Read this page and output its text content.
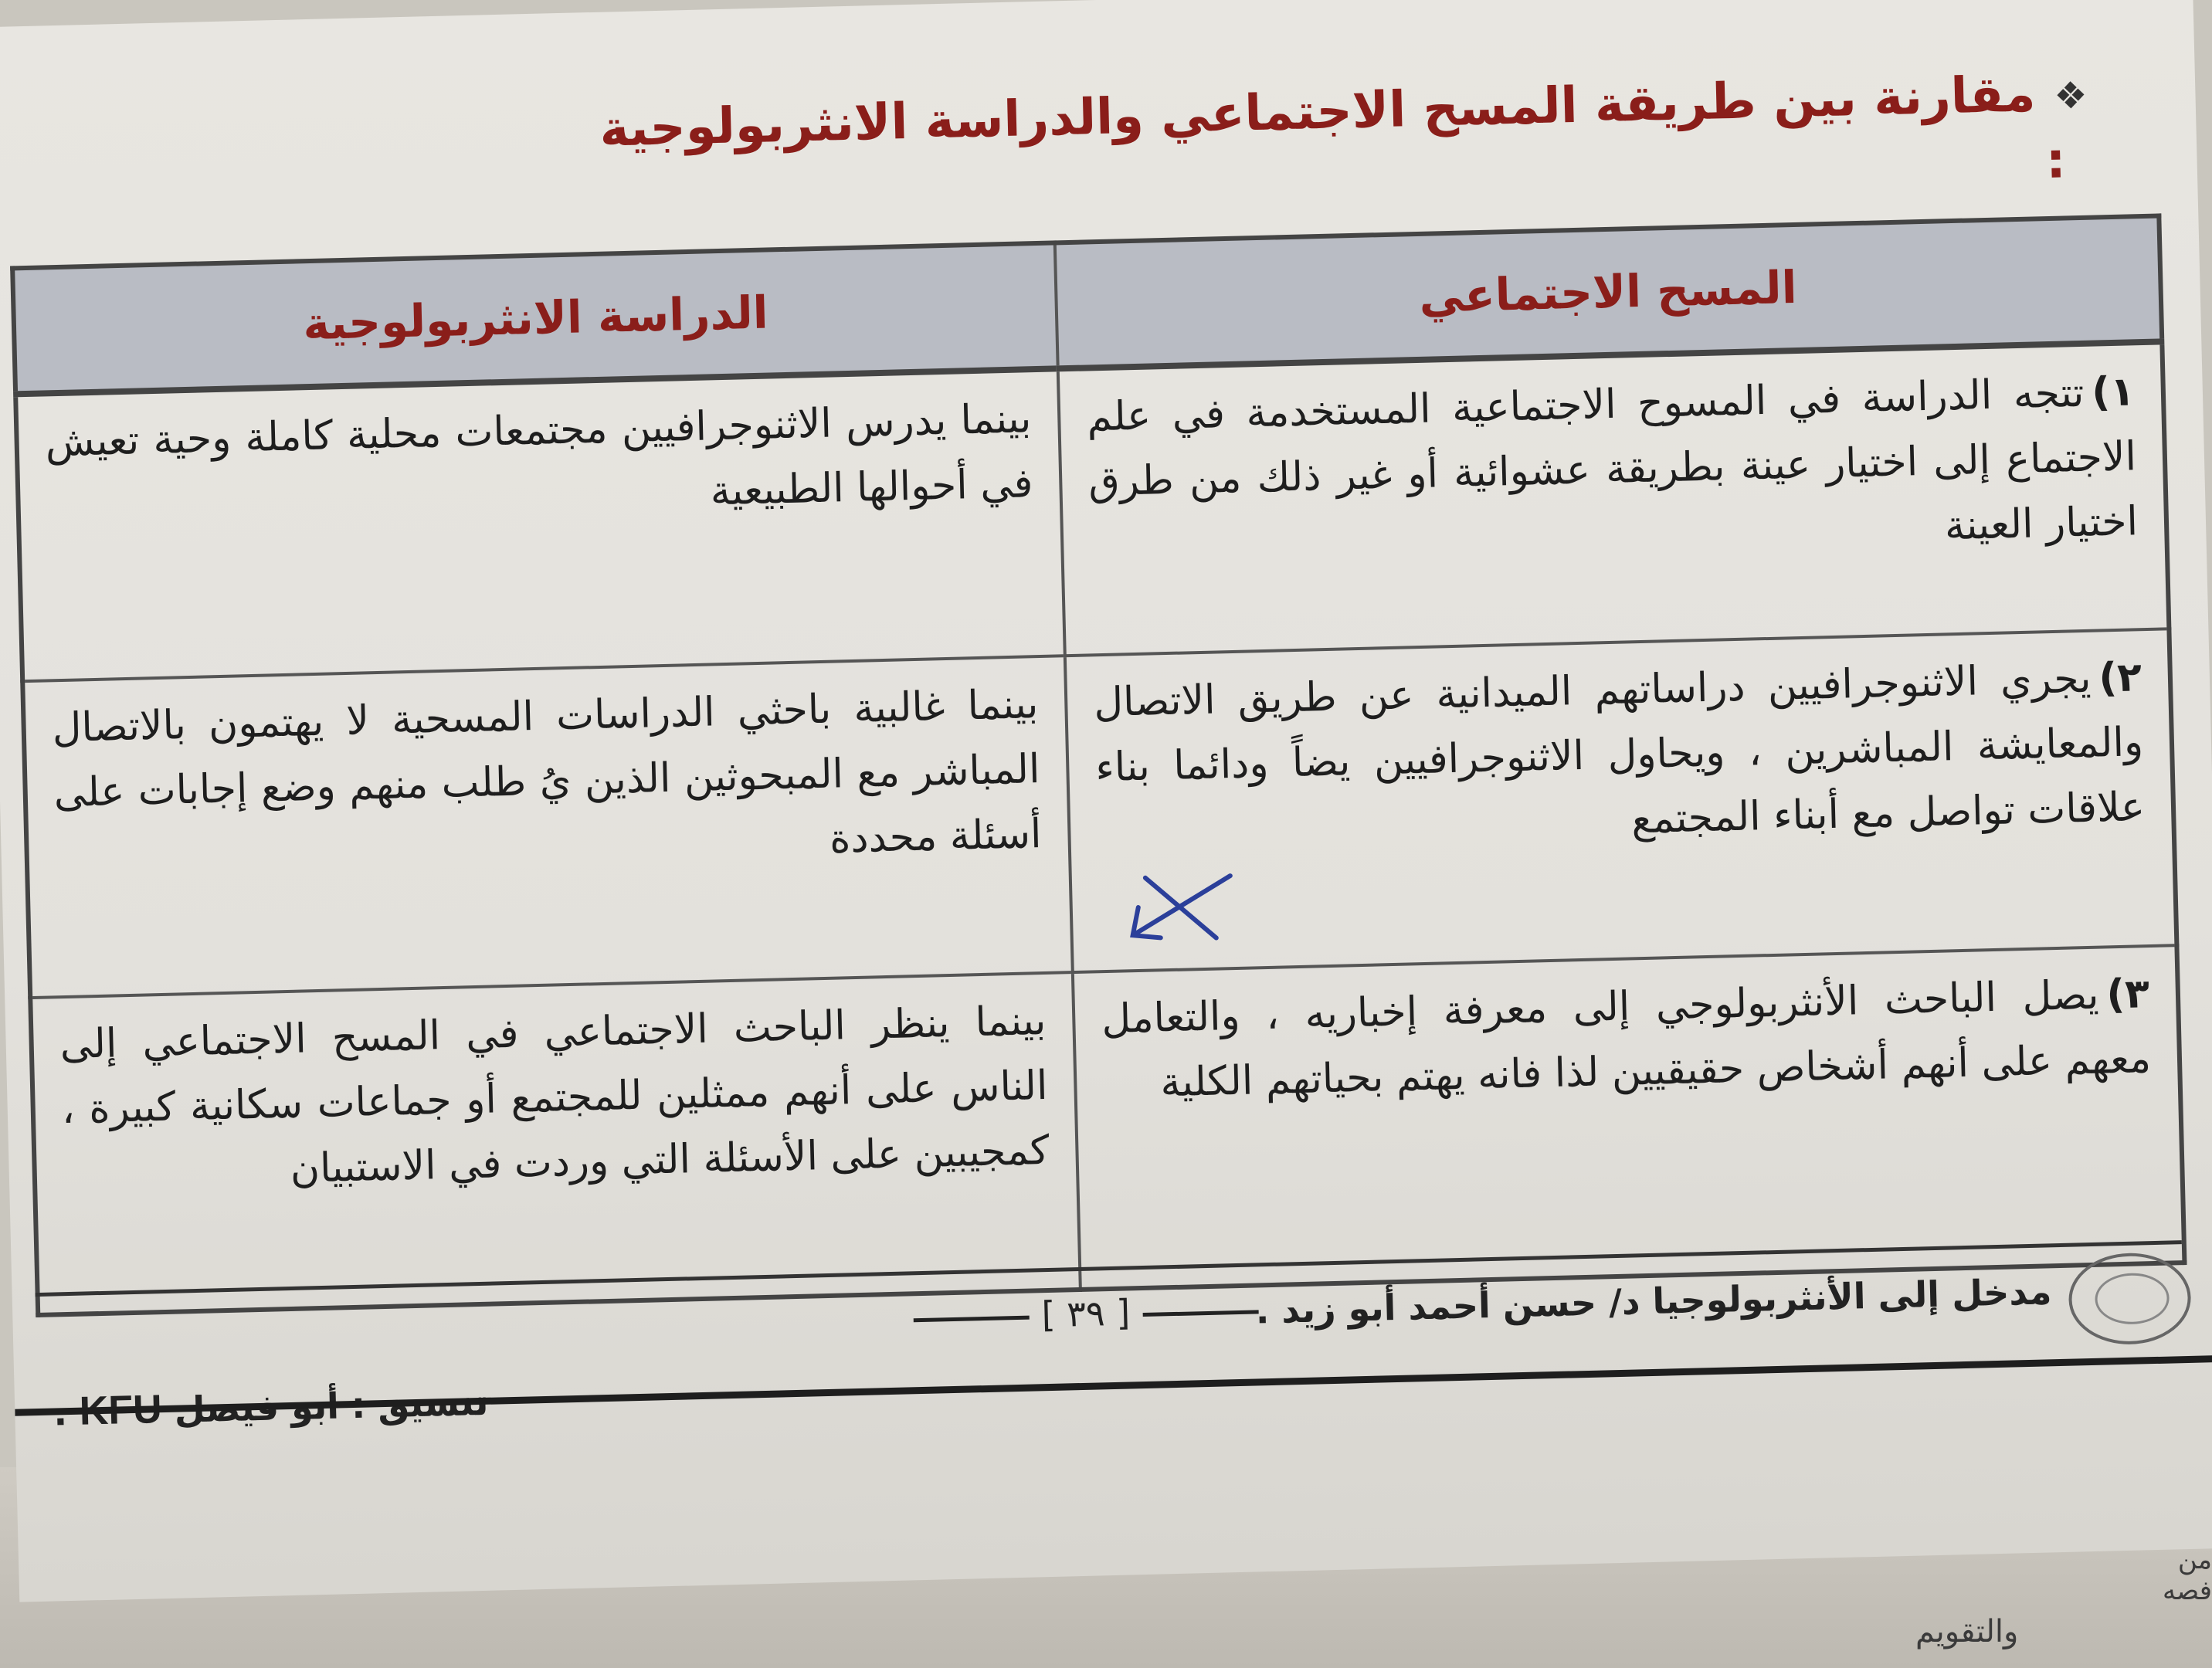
من فصه
والتقويم
❖مقارنة بين طريقة المسح الاجتماعي والدراسة الانثربولوجية
:
المسح الاجتماعي	الدراسة الانثربولوجية
١)تتجه الدراسة في المسوح الاجتماعية المستخدمة في علم الاجتماع إلى اختيار عينة بطريقة عشوائية أو غير ذلك من طرق اختيار العينة	بينما يدرس الاثنوجرافيين مجتمعات محلية كاملة وحية تعيش في أحوالها الطبيعية
٢)يجري الاثنوجرافيين دراساتهم الميدانية عن طريق الاتصال والمعايشة المباشرين ، ويحاول الاثنوجرافيين يضاً ودائما بناء علاقات تواصل مع أبناء المجتمع	بينما غالبية باحثي الدراسات المسحية لا يهتمون بالاتصال المباشر مع المبحوثين الذين يُ طلب منهم وضع إجابات على أسئلة محددة
٣)يصل الباحث الأنثربولوجي إلى معرفة إخباريه ، والتعامل معهم على أنهم أشخاص حقيقيين لذا فانه يهتم بحياتهم الكلية	بينما ينظر الباحث الاجتماعي في المسح الاجتماعي إلى الناس على أنهم ممثلين للمجتمع أو جماعات سكانية كبيرة ، كمجيبين على الأسئلة التي وردت في الاستبيان
مدخل إلى الأنثربولوجيا د/ حسن أحمد أبو زيد .
[ ٣٩ ]
تنسيق : أبو فيصل KFU .
